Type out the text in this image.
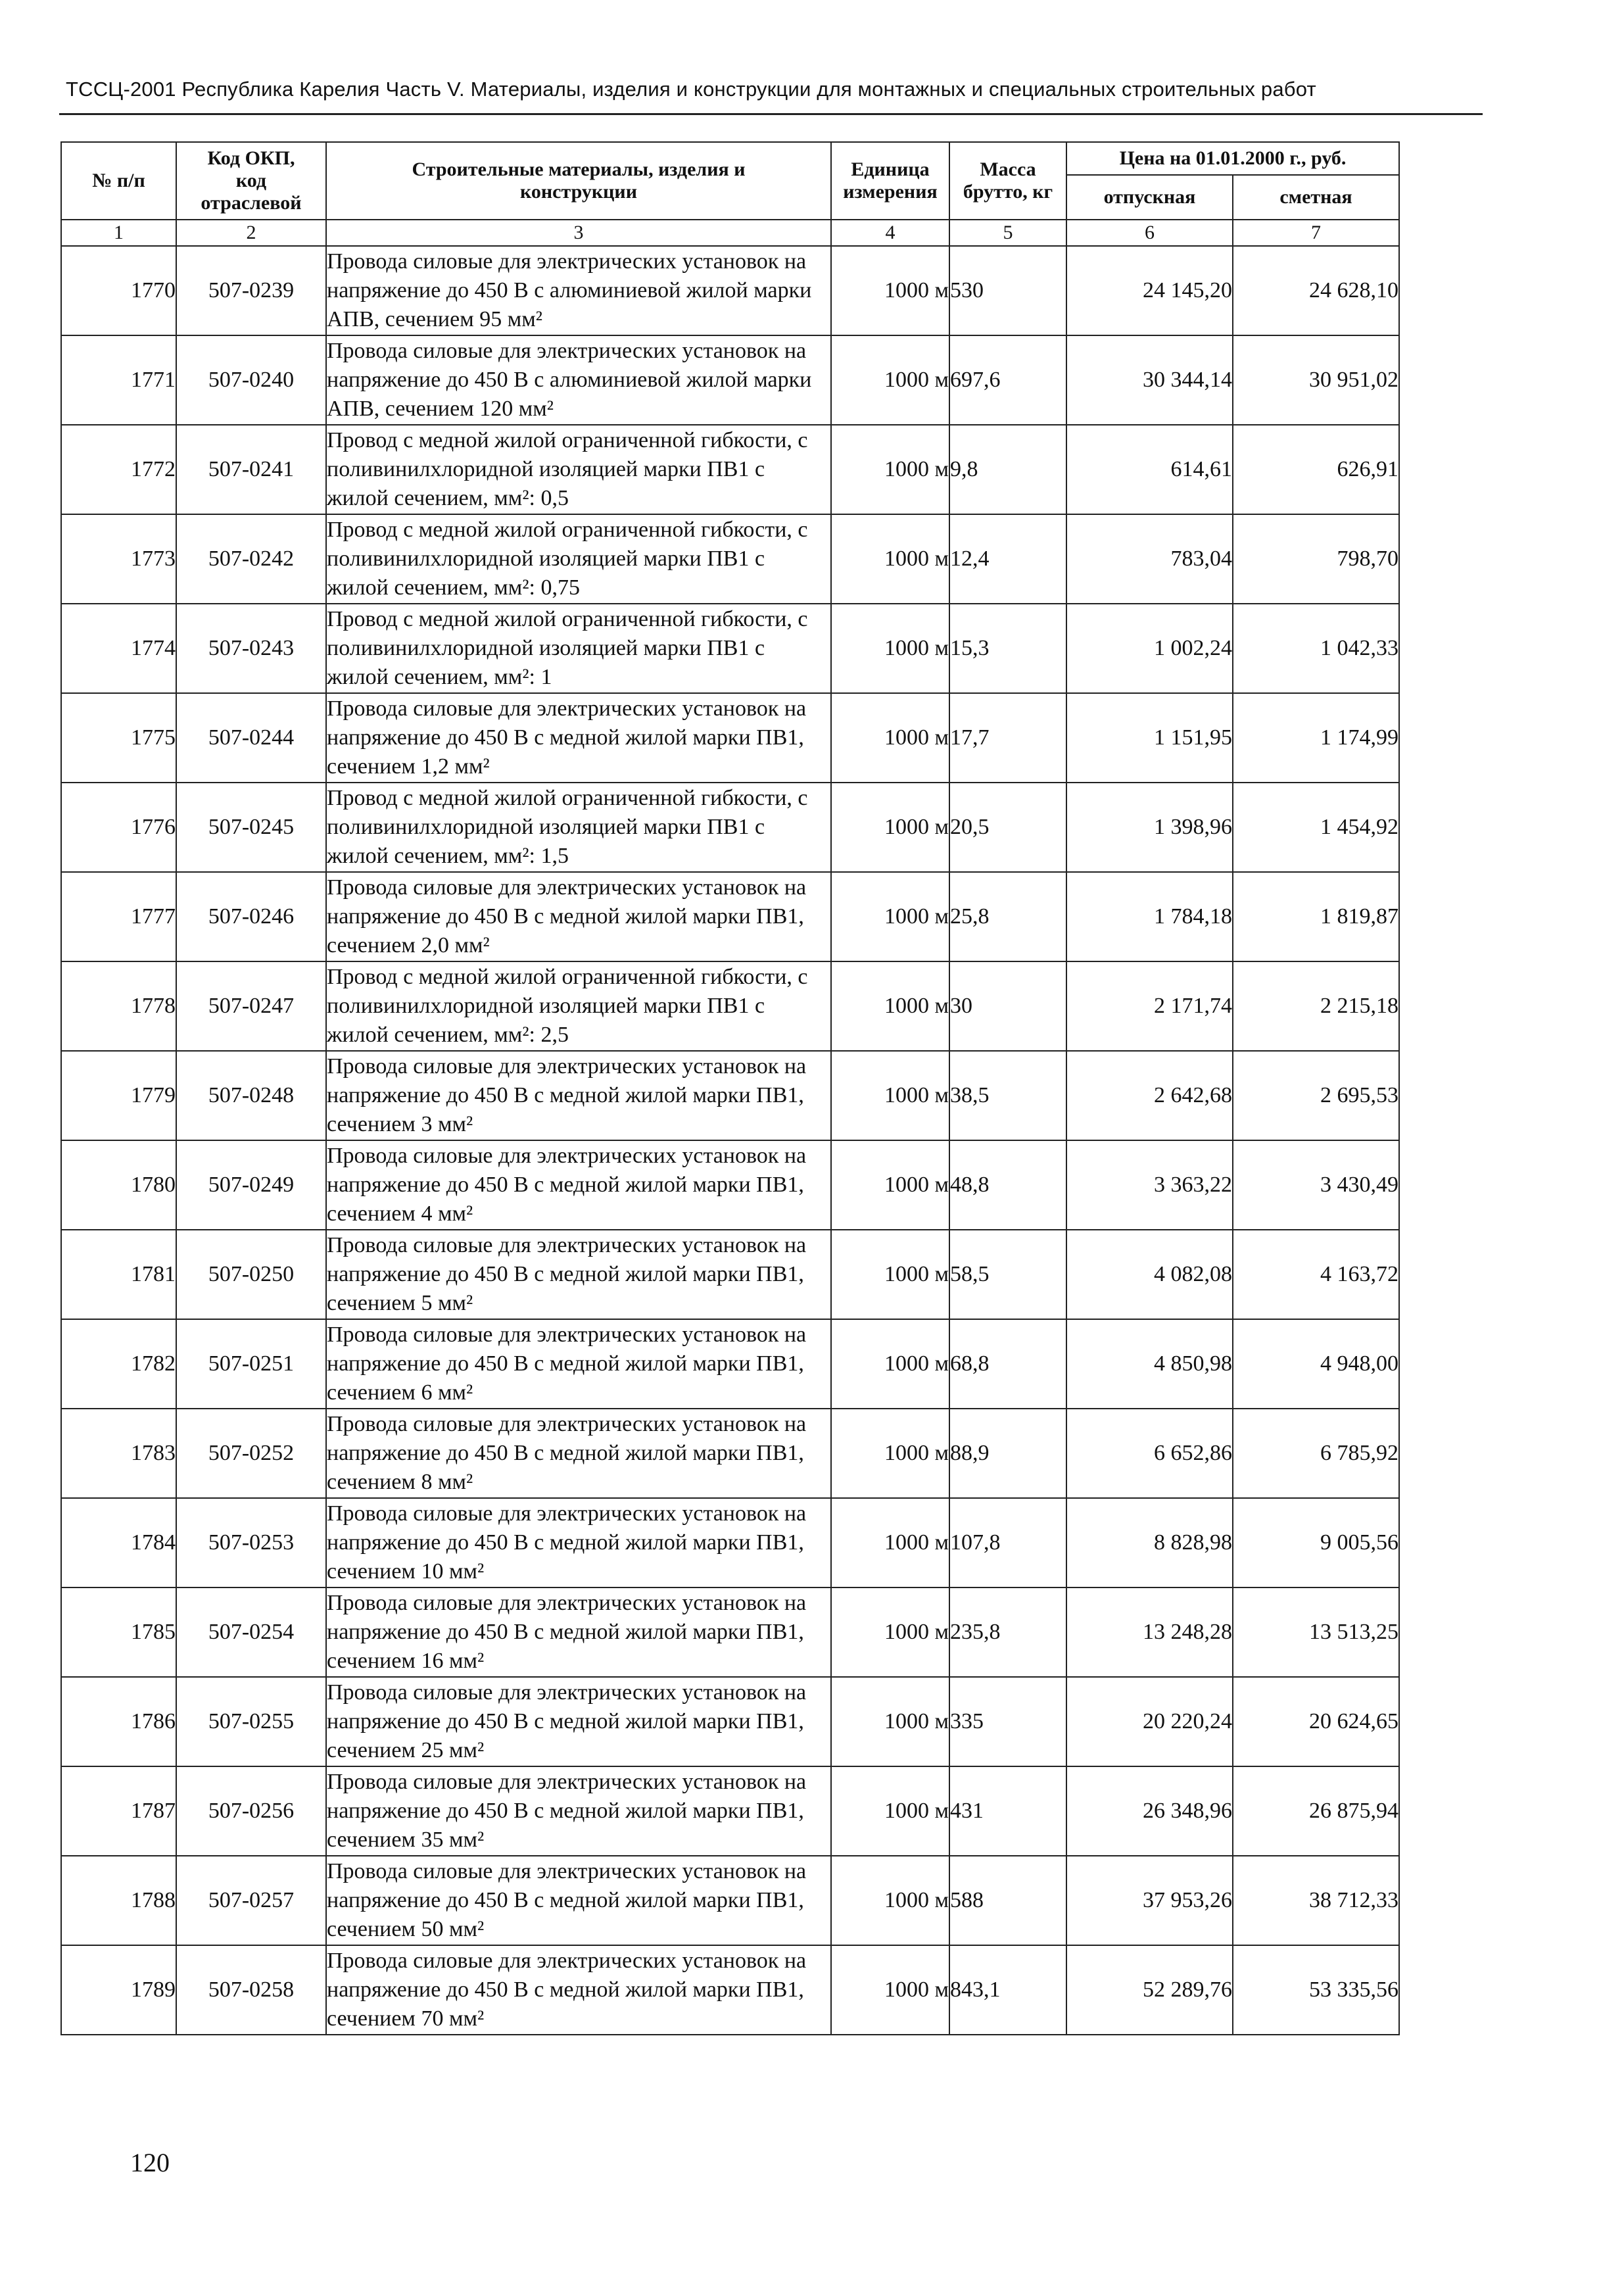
ТССЦ-2001 Республика Карелия Часть V. Материалы, изделия и конструкции для монтажных и специальных строительных работ
№ п/п	Код ОКП,
код
отраслевой	Строительные материалы, изделия и
конструкции	Единица
измерения	Масса
брутто, кг	Цена на 01.01.2000 г., руб.	
					отпускная	сметная
1	2	3	4	5	6	7
1770	507-0239	Провода силовые для электрических установок на напряжение до 450 В с алюминиевой жилой марки АПВ, сечением 95 мм²	1000 м	530	24 145,20	24 628,10
1771	507-0240	Провода силовые для электрических установок на напряжение до 450 В с алюминиевой жилой марки АПВ, сечением 120 мм²	1000 м	697,6	30 344,14	30 951,02
1772	507-0241	Провод с медной жилой ограниченной гибкости, с поливинилхлоридной изоляцией марки ПВ1 с жилой сечением, мм²: 0,5	1000 м	9,8	614,61	626,91
1773	507-0242	Провод с медной жилой ограниченной гибкости, с поливинилхлоридной изоляцией марки ПВ1 с жилой сечением, мм²: 0,75	1000 м	12,4	783,04	798,70
1774	507-0243	Провод с медной жилой ограниченной гибкости, с поливинилхлоридной изоляцией марки ПВ1 с жилой сечением, мм²: 1	1000 м	15,3	1 002,24	1 042,33
1775	507-0244	Провода силовые для электрических установок на напряжение до 450 В с медной жилой марки ПВ1, сечением 1,2 мм²	1000 м	17,7	1 151,95	1 174,99
1776	507-0245	Провод с медной жилой ограниченной гибкости, с поливинилхлоридной изоляцией марки ПВ1 с жилой сечением, мм²: 1,5	1000 м	20,5	1 398,96	1 454,92
1777	507-0246	Провода силовые для электрических установок на напряжение до 450 В с медной жилой марки ПВ1, сечением 2,0 мм²	1000 м	25,8	1 784,18	1 819,87
1778	507-0247	Провод с медной жилой ограниченной гибкости, с поливинилхлоридной изоляцией марки ПВ1 с жилой сечением, мм²: 2,5	1000 м	30	2 171,74	2 215,18
1779	507-0248	Провода силовые для электрических установок на напряжение до 450 В с медной жилой марки ПВ1, сечением 3 мм²	1000 м	38,5	2 642,68	2 695,53
1780	507-0249	Провода силовые для электрических установок на напряжение до 450 В с медной жилой марки ПВ1, сечением 4 мм²	1000 м	48,8	3 363,22	3 430,49
1781	507-0250	Провода силовые для электрических установок на напряжение до 450 В с медной жилой марки ПВ1, сечением 5 мм²	1000 м	58,5	4 082,08	4 163,72
1782	507-0251	Провода силовые для электрических установок на напряжение до 450 В с медной жилой марки ПВ1, сечением 6 мм²	1000 м	68,8	4 850,98	4 948,00
1783	507-0252	Провода силовые для электрических установок на напряжение до 450 В с медной жилой марки ПВ1, сечением 8 мм²	1000 м	88,9	6 652,86	6 785,92
1784	507-0253	Провода силовые для электрических установок на напряжение до 450 В с медной жилой марки ПВ1, сечением 10 мм²	1000 м	107,8	8 828,98	9 005,56
1785	507-0254	Провода силовые для электрических установок на напряжение до 450 В с медной жилой марки ПВ1, сечением 16 мм²	1000 м	235,8	13 248,28	13 513,25
1786	507-0255	Провода силовые для электрических установок на напряжение до 450 В с медной жилой марки ПВ1, сечением 25 мм²	1000 м	335	20 220,24	20 624,65
1787	507-0256	Провода силовые для электрических установок на напряжение до 450 В с медной жилой марки ПВ1, сечением 35 мм²	1000 м	431	26 348,96	26 875,94
1788	507-0257	Провода силовые для электрических установок на напряжение до 450 В с медной жилой марки ПВ1, сечением 50 мм²	1000 м	588	37 953,26	38 712,33
1789	507-0258	Провода силовые для электрических установок на напряжение до 450 В с медной жилой марки ПВ1, сечением 70 мм²	1000 м	843,1	52 289,76	53 335,56
120
